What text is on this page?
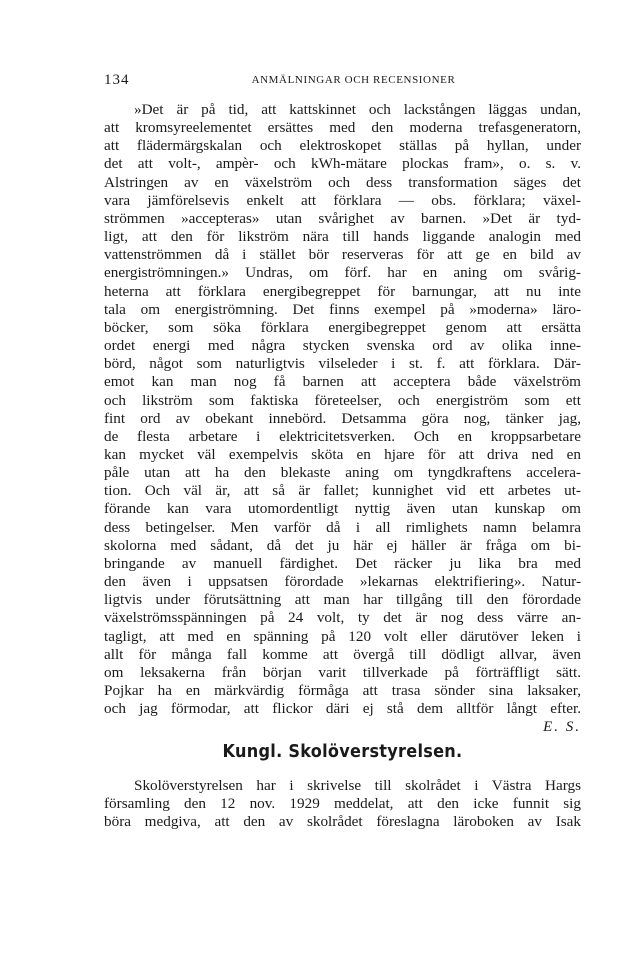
134	ANMÄLNINGAR OCH RECENSIONER

»Det är på tid, att kattskinnet och lackstången läggas undan,
att kromsyreelementet ersättes med den moderna trefasgeneratorn,
att flädermärgskalan och elektroskopet ställas på hyllan, under
det att volt-, ampèr- och kWh-mätare plockas fram», o. s. v.
Alstringen av en växelström och dess transformation säges det
vara jämförelsevis enkelt att förklara — obs. förklara; växel-
strömmen »accepteras» utan svårighet av barnen. »Det är tyd-
ligt, att den för likström nära till hands liggande analogin med
vattenströmmen då i stället bör reserveras för att ge en bild av
energiströmningen.» Undras, om förf. har en aning om svårig-
heterna att förklara energibegreppet för barnungar, att nu inte
tala om energiströmning. Det finns exempel på »moderna» läro-
böcker, som söka förklara energibegreppet genom att ersätta
ordet energi med några stycken svenska ord av olika inne-
börd, något som naturligtvis vilseleder i st. f. att förklara. Där-
emot kan man nog få barnen att acceptera både växelström
och likström som faktiska företeelser, och energiström som ett
fint ord av obekant innebörd. Detsamma göra nog, tänker jag,
de flesta arbetare i elektricitetsverken. Och en kroppsarbetare
kan mycket väl exempelvis sköta en hjare för att driva ned en
påle utan att ha den blekaste aning om tyngdkraftens accelera-
tion. Och väl är, att så är fallet; kunnighet vid ett arbetes ut-
förande kan vara utomordentligt nyttig även utan kunskap om
dess betingelser. Men varför då i all rimlighets namn belamra
skolorna med sådant, då det ju här ej häller är fråga om bi-
bringande av manuell färdighet. Det räcker ju lika bra med
den även i uppsatsen förordade »lekarnas elektrifiering». Natur-
ligtvis under förutsättning att man har tillgång till den förordade
växelströmsspänningen på 24 volt, ty det är nog dess värre an-
tagligt, att med en spänning på 120 volt eller därutöver leken i
allt för många fall komme att övergå till dödligt allvar, även
om leksakerna från början varit tillverkade på förträffligt sätt.
Pojkar ha en märkvärdig förmåga att trasa sönder sina laksaker,
och jag förmodar, att flickor däri ej stå dem alltför långt efter.

E. S.
Kungl. Skolöverstyrelsen.

Skolöverstyrelsen har i skrivelse till skolrådet i Västra Hargs
församling den 12 nov. 1929 meddelat, att den icke funnit sig
böra medgiva, att den av skolrådet föreslagna läroboken av Isak
